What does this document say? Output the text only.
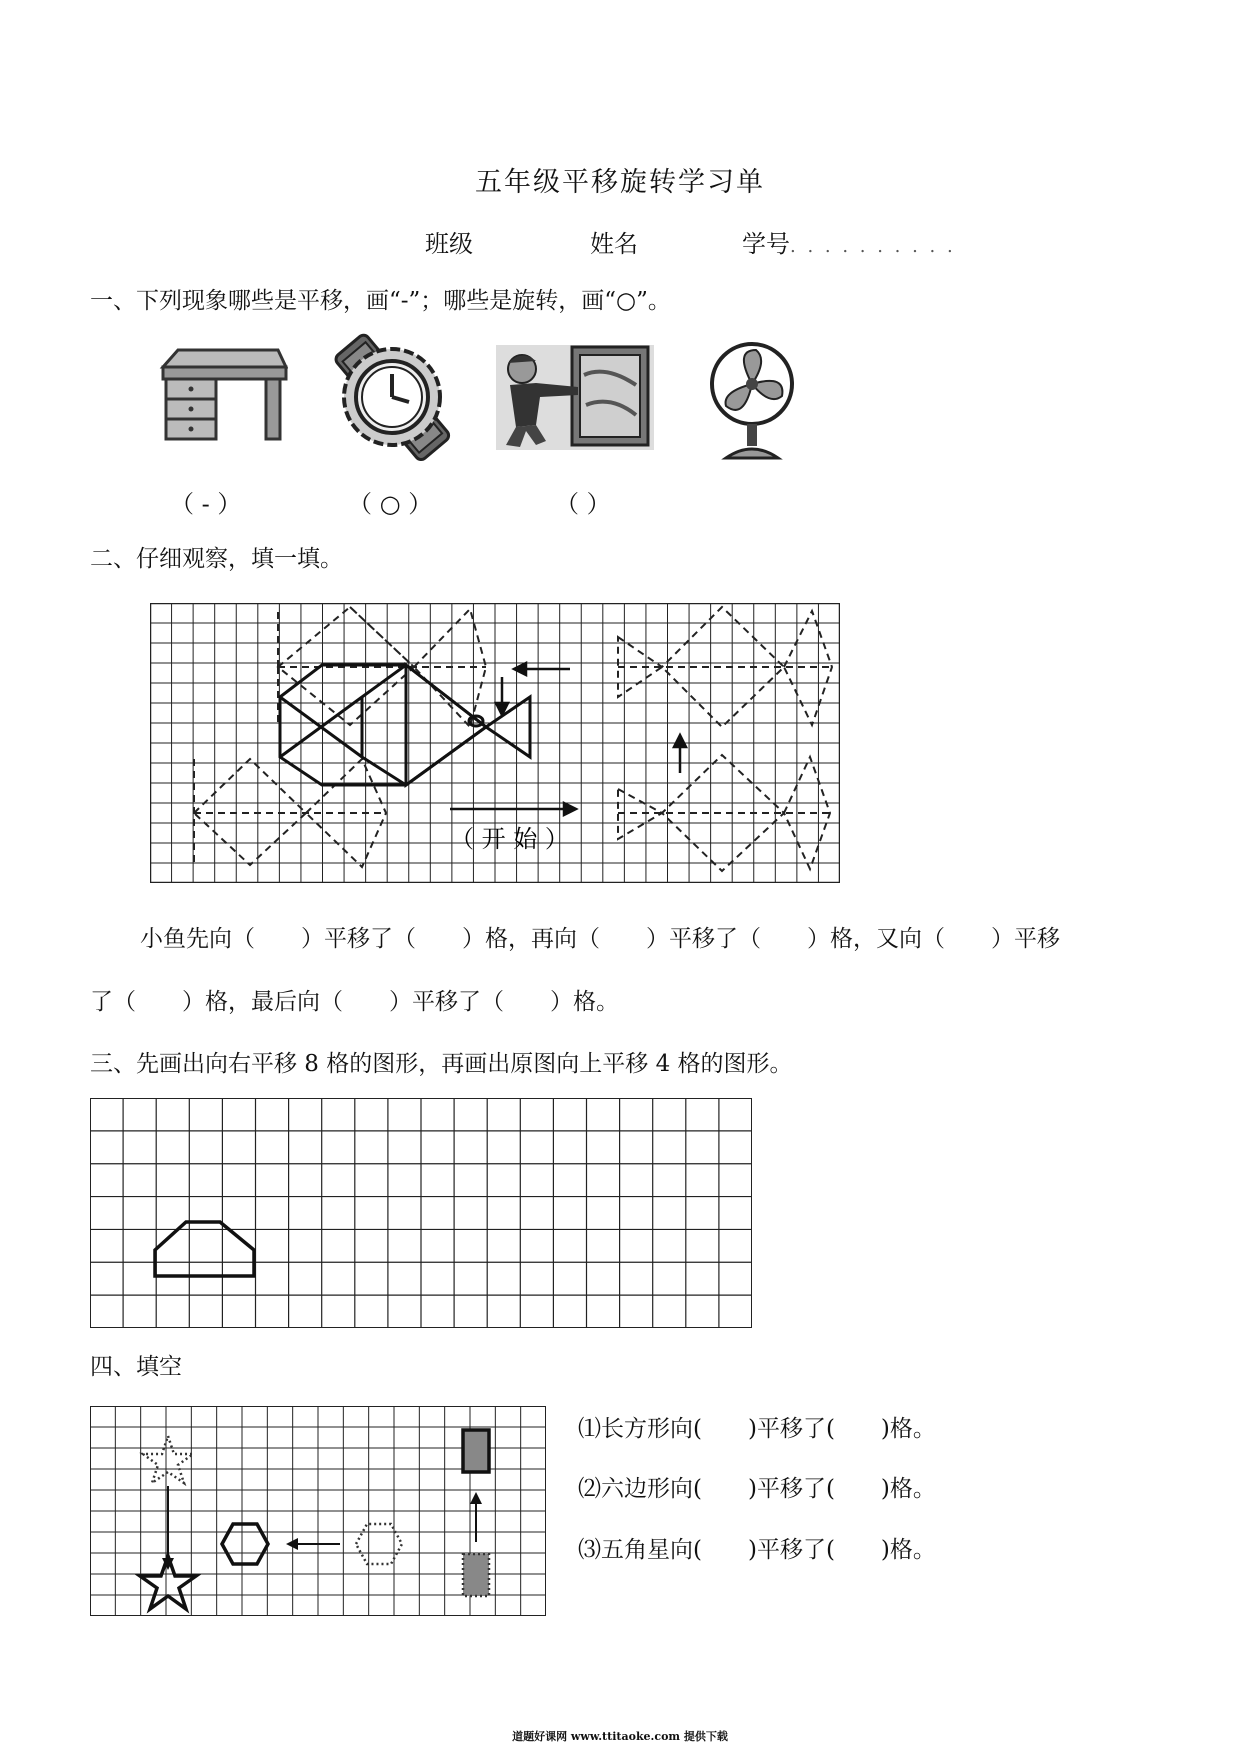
五年级平移旋转学习单
班级	姓名	学号. . . . . . . . . .
一、下列现象哪些是平移，画“-”；哪些是旋转，画“○”。
（ - ）	（ ○ ）	（ ）
二、仔细观察，填一填。
（ 开 始 ）
小鱼先向（　　）平移了（　　）格，再向（　　）平移了（　　）格，又向（　　）平移
了（　　）格，最后向（　　）平移了（　　）格。
三、先画出向右平移 8 格的图形，再画出原图向上平移 4 格的图形。
四、填空
⑴长方形向(　　)平移了(　　)格。
⑵六边形向(　　)平移了(　　)格。
⑶五角星向(　　)平移了(　　)格。
道题好课网 www.ttitaoke.com 提供下载
